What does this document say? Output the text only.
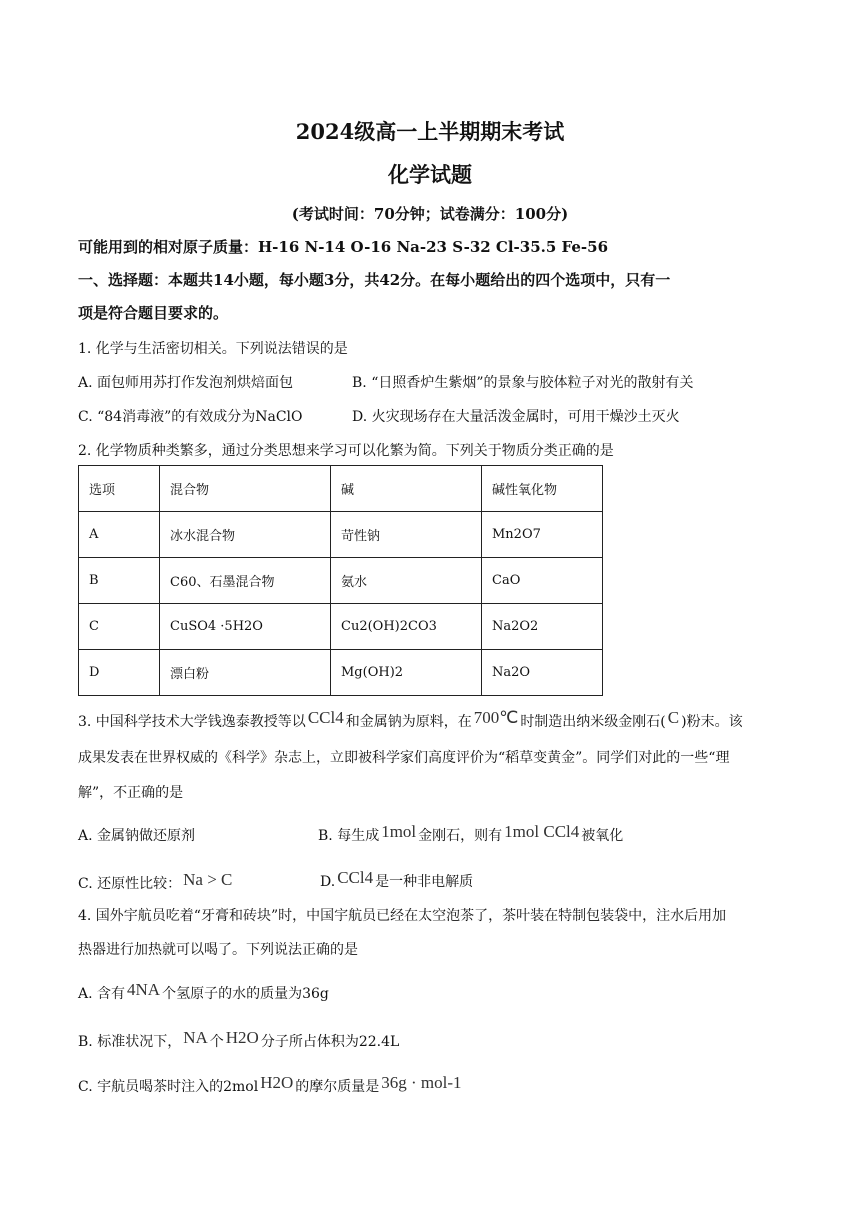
2024级高一上半期期末考试
化学试题
(考试时间：70分钟；试卷满分：100分)
可能用到的相对原子质量：H-16 N-14 O-16 Na-23 S-32 Cl-35.5 Fe-56
一、选择题：本题共14小题，每小题3分，共42分。在每小题给出的四个选项中，只有一
项是符合题目要求的。
1. 化学与生活密切相关。下列说法错误的是
A. 面包师用苏打作发泡剂烘焙面包	B. “日照香炉生紫烟”的景象与胶体粒子对光的散射有关
C. “84消毒液”的有效成分为NaClO	D. 火灾现场存在大量活泼金属时，可用干燥沙土灭火
2. 化学物质种类繁多，通过分类思想来学习可以化繁为简。下列关于物质分类正确的是
选项	混合物	碱	碱性氧化物
A	冰水混合物	苛性钠	Mn2O7
B	C60、石墨混合物	氨水	CaO
C	CuSO4 ·5H2O	Cu2(OH)2CO3	Na2O2
D	漂白粉	Mg(OH)2	Na2O
3. 中国科学技术大学钱逸泰教授等以 CCl4 和金属钠为原料，在 700℃ 时制造出纳米级金刚石( C )粉末。该
成果发表在世界权威的《科学》杂志上，立即被科学家们高度评价为“稻草变黄金”。同学们对此的一些“理
解”，不正确的是
A. 金属钠做还原剂	B. 每生成 1mol 金刚石，则有 1mol CCl4 被氧化
C. 还原性比较： Na > C	D. CCl4 是一种非电解质
4. 国外宇航员吃着“牙膏和砖块”时，中国宇航员已经在太空泡茶了，茶叶装在特制包装袋中，注水后用加
热器进行加热就可以喝了。下列说法正确的是
A. 含有 4NA 个氢原子的水的质量为36g
B. 标准状况下， NA 个 H2O 分子所占体积为22.4L
C. 宇航员喝茶时注入的2mol H2O 的摩尔质量是 36g · mol-1
